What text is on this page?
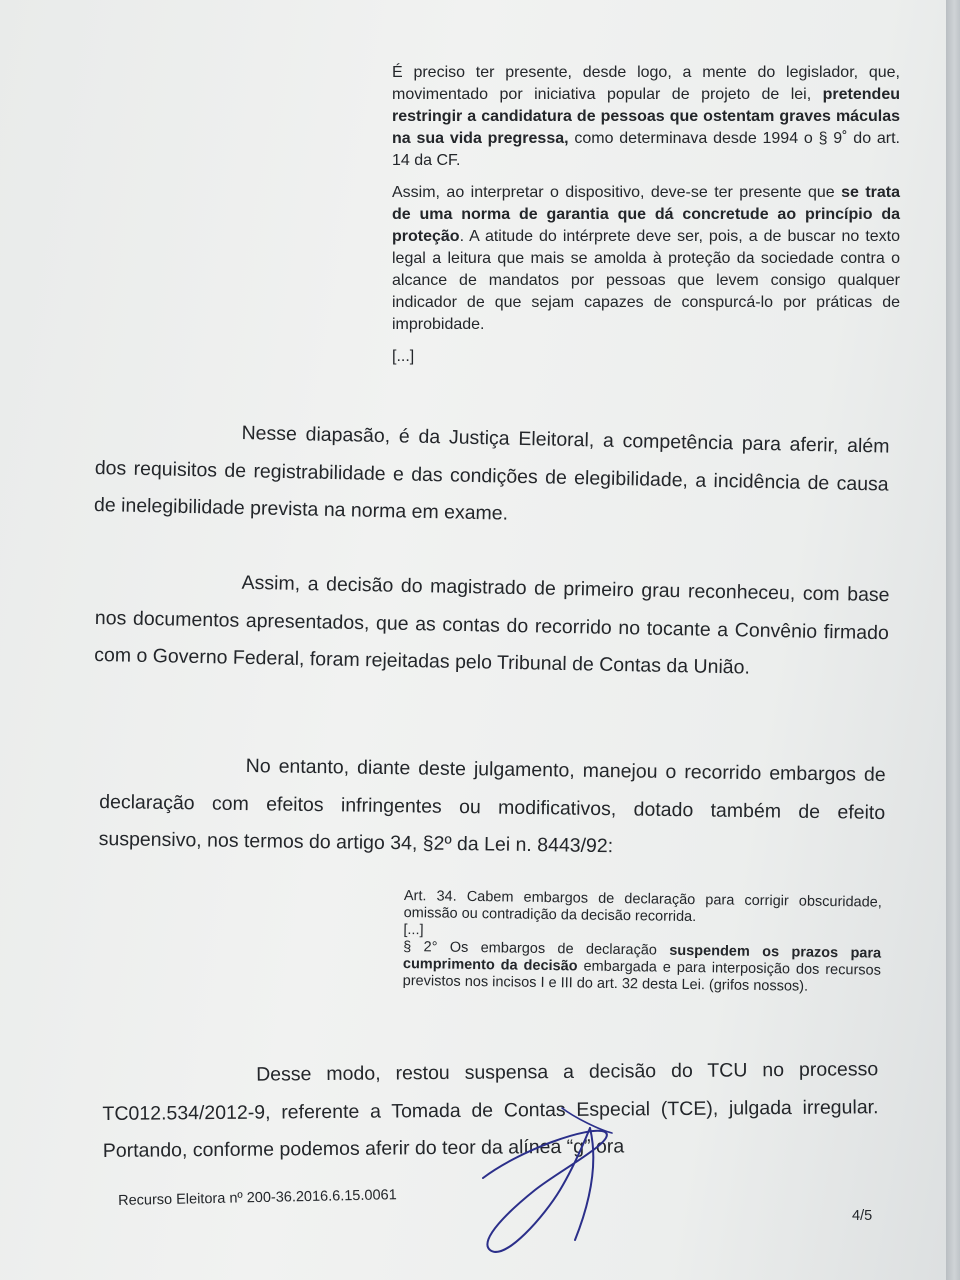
É preciso ter presente, desde logo, a mente do legislador, que, movimentado por iniciativa popular de projeto de lei, pretendeu restringir a candidatura de pessoas que ostentam graves máculas na sua vida pregressa, como determinava desde 1994 o § 9˚ do art. 14 da CF.

Assim, ao interpretar o dispositivo, deve-se ter presente que se trata de uma norma de garantia que dá concretude ao princípio da proteção. A atitude do intérprete deve ser, pois, a de buscar no texto legal a leitura que mais se amolda à proteção da sociedade contra o alcance de mandatos por pessoas que levem consigo qualquer indicador de que sejam capazes de conspurcá-lo por práticas de improbidade.

[...]

Nesse diapasão, é da Justiça Eleitoral, a competência para aferir, além dos requisitos de registrabilidade e das condições de elegibilidade, a incidência de causa de inelegibilidade prevista na norma em exame.
Assim, a decisão do magistrado de primeiro grau reconheceu, com base nos documentos apresentados, que as contas do recorrido no tocante a Convênio firmado com o Governo Federal, foram rejeitadas pelo Tribunal de Contas da União.
No entanto, diante deste julgamento, manejou o recorrido embargos de declaração com efeitos infringentes ou modificativos, dotado também de efeito suspensivo, nos termos do artigo 34, §2º da Lei n. 8443/92:

Art. 34. Cabem embargos de declaração para corrigir obscuridade, omissão ou contradição da decisão recorrida.

[...]

§ 2° Os embargos de declaração suspendem os prazos para cumprimento da decisão embargada e para interposição dos recursos previstos nos incisos I e III do art. 32 desta Lei. (grifos nossos).

Desse modo, restou suspensa a decisão do TCU no processo TC012.534/2012-9, referente a Tomada de Contas Especial (TCE), julgada irregular. Portando, conforme podemos aferir do teor da alínea “g” ora
Recurso Eleitora nº 200-36.2016.6.15.0061
4/5
